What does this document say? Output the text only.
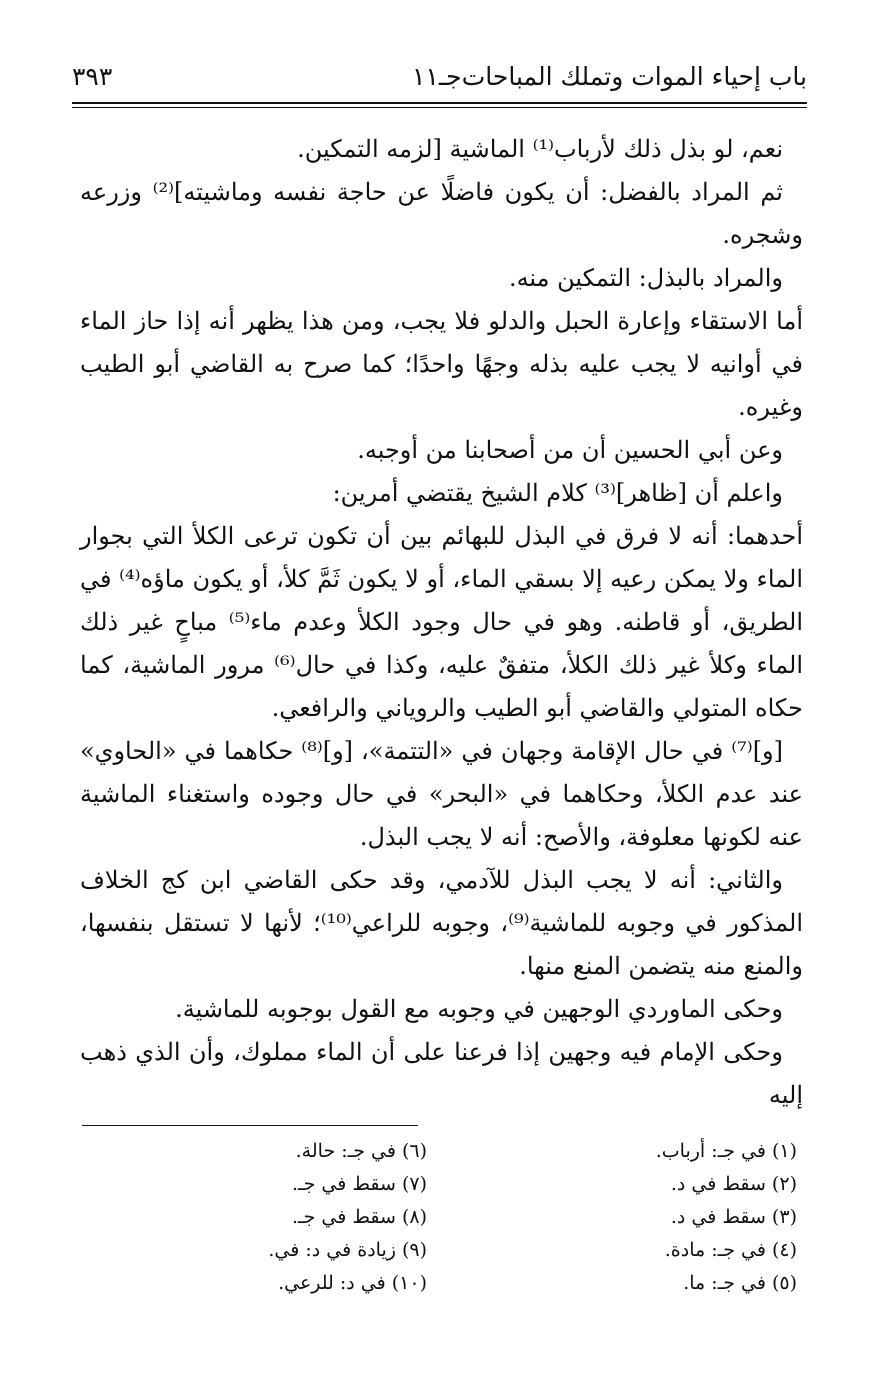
باب إحياء الموات وتملك المباحات
جـ١١
٣٩٣

نعم، لو بذل ذلك لأرباب⁽¹⁾ الماشية [لزمه التمكين.

ثم المراد بالفضل: أن يكون فاضلًا عن حاجة نفسه وماشيته]⁽²⁾ وزرعه وشجره.

والمراد بالبذل: التمكين منه.

أما الاستقاء وإعارة الحبل والدلو فلا يجب، ومن هذا يظهر أنه إذا حاز الماء في أوانيه لا يجب عليه بذله وجهًا واحدًا؛ كما صرح به القاضي أبو الطيب وغيره.

وعن أبي الحسين أن من أصحابنا من أوجبه.

واعلم أن [ظاهر]⁽³⁾ كلام الشيخ يقتضي أمرين:

أحدهما: أنه لا فرق في البذل للبهائم بين أن تكون ترعى الكلأ التي بجوار الماء ولا يمكن رعيه إلا بسقي الماء، أو لا يكون ثَمَّ كلأ، أو يكون ماؤه⁽⁴⁾ في الطريق، أو قاطنه. وهو في حال وجود الكلأ وعدم ماء⁽⁵⁾ مباحٍ غير ذلك الماء وكلأ غير ذلك الكلأ، متفقٌ عليه، وكذا في حال⁽⁶⁾ مرور الماشية، كما حكاه المتولي والقاضي أبو الطيب والروياني والرافعي.

[و]⁽⁷⁾ في حال الإقامة وجهان في «التتمة»، [و]⁽⁸⁾ حكاهما في «الحاوي» عند عدم الكلأ، وحكاهما في «البحر» في حال وجوده واستغناء الماشية عنه لكونها معلوفة، والأصح: أنه لا يجب البذل.

والثاني: أنه لا يجب البذل للآدمي، وقد حكى القاضي ابن كج الخلاف المذكور في وجوبه للماشية⁽⁹⁾، وجوبه للراعي⁽¹⁰⁾؛ لأنها لا تستقل بنفسها، والمنع منه يتضمن المنع منها.

وحكى الماوردي الوجهين في وجوبه مع القول بوجوبه للماشية.

وحكى الإمام فيه وجهين إذا فرعنا على أن الماء مملوك، وأن الذي ذهب إليه

(١) في جـ: أرباب.
(٢) سقط في د.
(٣) سقط في د.
(٤) في جـ: مادة.
(٥) في جـ: ما.
(٦) في جـ: حالة.
(٧) سقط في جـ.
(٨) سقط في جـ.
(٩) زيادة في د: في.
(١٠) في د: للرعي.
